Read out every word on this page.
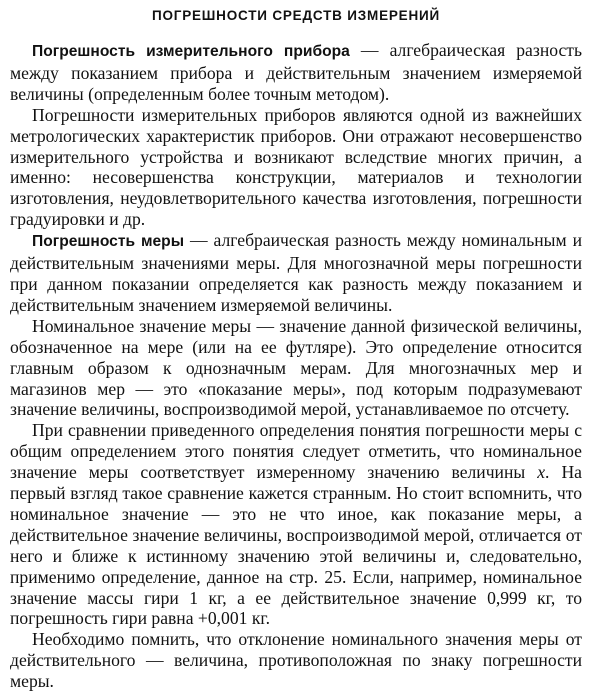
ПОГРЕШНОСТИ СРЕДСТВ ИЗМЕРЕНИЙ

Погрешность измерительного прибора — алгебраическая разность между показанием прибора и действительным значением измеряемой величины (определенным более точным методом).

Погрешности измерительных приборов являются одной из важнейших метрологических характеристик приборов. Они отражают несовершенство измерительного устройства и возникают вследствие многих причин, а именно: несовершенства конструкции, материалов и технологии изготовления, неудовлетворительного качества изготовления, погрешности градуировки и др.

Погрешность меры — алгебраическая разность между номинальным и действительным значениями меры. Для многозначной меры погрешности при данном показании определяется как разность между показанием и действительным значением измеряемой величины.

Номинальное значение меры — значение данной физической величины, обозначенное на мере (или на ее футляре). Это определение относится главным образом к однозначным мерам. Для многозначных мер и магазинов мер — это «показание меры», под которым подразумевают значение величины, воспроизводимой мерой, устанавливаемое по отсчету.

При сравнении приведенного определения понятия погрешности меры с общим определением этого понятия следует отметить, что номинальное значение меры соответствует измеренному значению величины x. На первый взгляд такое сравнение кажется странным. Но стоит вспомнить, что номинальное значение — это не что иное, как показание меры, а действительное значение величины, воспроизводимой мерой, отличается от него и ближе к истинному значению этой величины и, следовательно, применимо определение, данное на стр. 25. Если, например, номинальное значение массы гири 1 кг, а ее действительное значение 0,999 кг, то погрешность гири равна +0,001 кг.

Необходимо помнить, что отклонение номинального значения меры от действительного — величина, противоположная по знаку погрешности меры.
